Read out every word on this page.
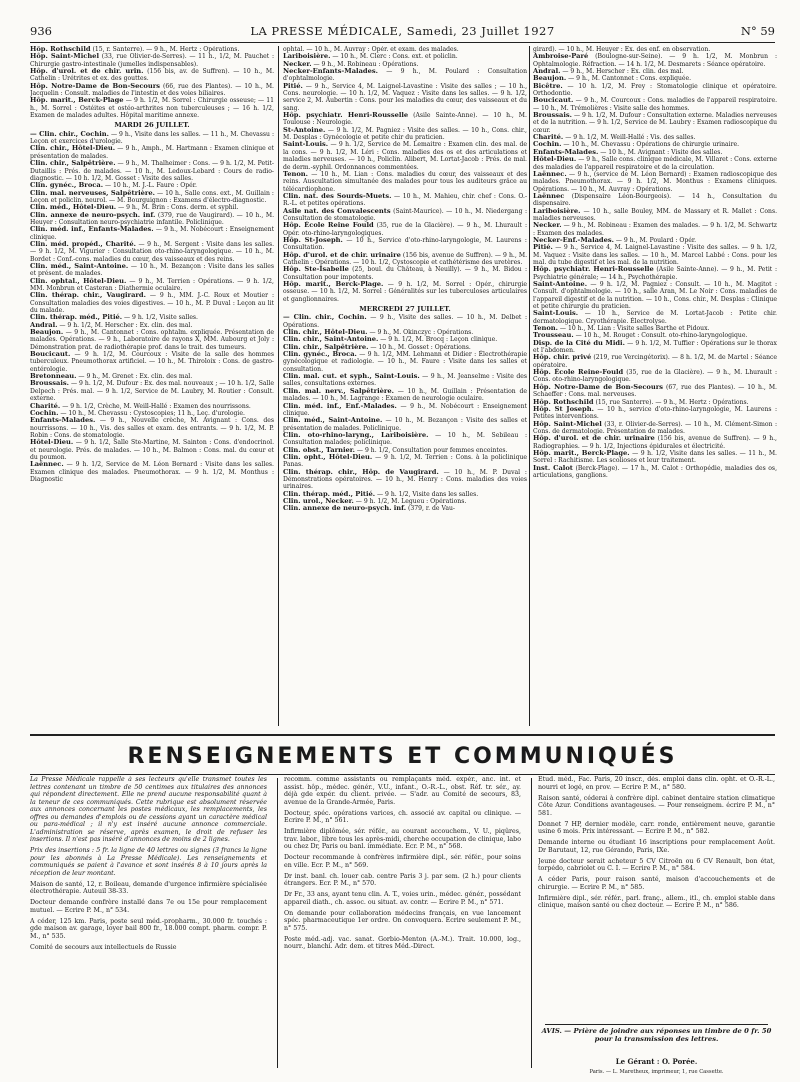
936	LA PRESSE MÉDICALE, Samedi, 23 Juillet 1927	N° 59
Hôp. Rothschild (15, r. Santerre). — 9 h., M. Hertz : Opérations.
Hôp. Saint-Michel (33, rue Olivier-de-Serres). — 11 h., 1/2, M. Pauchet : Chirurgie gastro-intestinale (jumelles indispensables).
Hôp. d'urol. et de chir. urin. (156 bis, av. de Suffren). — 10 h., M. Cathelin : Urétrites et ex. des gouttes.
Hôp. Notre-Dame de Bon-Secours (66, rue des Plantes). — 10 h., M. Jacquelin : Consult. maladies de l'intestin et des voies biliaires.
Hôp. marit., Berck-Plage — 9 h. 1/2, M. Sorrel : Chirurgie osseuse; — 11 h., M. Sorrel : Ostéites et ostéo-arthrites non tuberculeuses ; — 16 h. 1/2, Examen de malades adultes. Hôpital maritime annexe.
MARDI 26 JUILLET.
— Clin. chir., Cochin. — 9 h., Visite dans les salles. — 11 h., M. Chevassu : Leçon et exercices d'urologie.
Clin. chir., Hôtel-Dieu. — 9 h., Amph., M. Hartmann : Examen clinique et présentation de malades.
Clin. chir., Salpêtrière. — 9 h., M. Thalheimer : Cons. — 9 h. 1/2, M. Petit-Dutaillis : Prés. de malades. — 10 h., M. Ledoux-Lebard : Cours de radio-diagnostic. — 10 h. 1/2, M. Gosset : Visite des salles.
Clin. gynéc., Broca. — 10 h., M. J.-L. Faure : Opér.
Clin. mal. nerveuses, Salpêtrière. — 10 h., Salle cons. ext., M. Guillain : Leçon et policlin. neurol. — M. Bourguignon : Examens d'électro-diagnostic.
Clin. méd., Hôtel-Dieu. — 9 h., M. Brin : Cons. derm. et syphil.
Clin. annexe de neuro-psych. inf. (379, rue de Vaugirard). — 10 h., M. Heuyer : Consultation neuro-psychiatrie infantile. Policlinique.
Clin. méd. inf., Enfants-Malades. — 9 h., M. Nobécourt : Enseignement clinique.
Clin. méd. propéd., Charité. — 9 h., M. Sergent : Visite dans les salles. — 9 h. 1/2, M. Vigurier : Consultation oto-rhino-laryngologique. — 10 h., M. Bordet : Conf.-cons. maladies du cœur, des vaisseaux et des reins.
Clin. méd., Saint-Antoine. — 10 h., M. Bezançon : Visite dans les salles et présent. de malades.
Clin. ophtal., Hôtel-Dieu. — 9 h., M. Terrien : Opérations. — 9 h. 1/2, MM. Monbrun et Casteran : Diathermie oculaire.
Clin. thérap. chir., Vaugirard. — 9 h., MM. J.-C. Roux et Moutier : Consultation maladies des voies digestives. — 10 h., M. P. Duval : Leçon au lit du malade.
Clin. thérap. méd., Pitié. — 9 h. 1/2, Visite salles.
Andral. — 9 h. 1/2, M. Herscher : Ex. clin. des mal.
Beaujon. — 9 h., M. Cantonnet : Cons. ophtalm. expliquée. Présentation de malades. Opérations. — 9 h., Laboratoire de rayons X, MM. Aubourg et Joly : Démonstration prat. de radiothérapie prof. dans le trait. des tumeurs.
Boucicaut. — 9 h. 1/2, M. Courcoux : Visite de la salle des hommes tuberculeux. Pneumothorax artificiel. — 10 h., M. Thiroloix : Cons. de gastro-entérologie.
Bretonneau. — 9 h., M. Grenet : Ex. clin. des mal.
Broussais. — 9 h. 1/2, M. Dufour : Ex. des mal. nouveaux ; — 10 h. 1/2, Salle Delpech : Prés. mal. — 9 h. 1/2, Service de M. Laubry, M. Routier : Consult. externe.
Charité. — 9 h. 1/2, Crèche, M. Weill-Hallé : Examen des nourrissons.
Cochin. — 10 h., M. Chevassu : Cystoscopies; 11 h., Leç. d'urologie.
Enfants-Malades. — 9 h., Nouvelle crèche, M. Avignant : Cons. des nourrissons. — 10 h., Vis. des salles et exam. des entrants. — 9 h. 1/2, M. P. Robin : Cons. de stomatologie.
Hôtel-Dieu. — 9 h. 1/2, Salle Ste-Martine, M. Sainton : Cons. d'endocrinol. et neurologie. Prés. de malades. — 10 h., M. Balmon : Cons. mal. du cœur et du poumon.
Laënnec. — 9 h. 1/2, Service de M. Léon Bernard : Visite dans les salles. Examen clinique des malades. Pneumothorax. — 9 h. 1/2, M. Monthus : Diagnostic
ophtal. — 10 h., M. Auvray : Opér. et exam. des malades.
Lariboisière. — 10 h., M. Clerc : Cons. ext. et policlin.
Necker. — 9 h., M. Robineau : Opérations.
Necker-Enfants-Malades. — 9 h., M. Poulard : Consultation d'ophtalmologie.
Pitié. — 9 h., Service 4, M. Laignel-Lavastine : Visite des salles ; — 10 h., Cons. neurologie. — 10 h. 1/2, M. Vaquez : Visite dans les salles. — 9 h. 1/2, service 2, M. Aubertin : Cons. pour les maladies du cœur, des vaisseaux et du sang.
Hôp. psychiatr. Henri-Rousselle (Asile Sainte-Anne). — 10 h., M. Toulouse : Neurologie.
St-Antoine. — 9 h. 1/2, M. Pagniez : Visite des salles. — 10 h., Cons. chir., M. Desplas : Gynécologie et petite chir du praticien.
Saint-Louis. — 9 h. 1/2, Service de M. Lemaitre : Examen clin. des mal. de la cons. — 9 h. 1/2, M. Léri : Cons. maladies des os et des articulations et maladies nerveuses. — 10 h., Policlin. Alibert, M. Lortat-Jacob : Prés. de mal. de derm.-syphil. Ordonnances commentées.
Tenon. — 10 h., M. Lian : Cons. maladies du cœur, des vaisseaux et des reins. Auscultation simultanée des malades pour tous les auditeurs grâce au télécardiophone.
Clin. nat. des Sourds-Muets. — 10 h., M. Mahieu, chir. chef : Cons. O.-R.-L. et petites opérations.
Asile nat. des Convalescents (Saint-Maurice). — 10 h., M. Niedergang : Consultation de stomatologie.
Hôp. École Reine Fould (35, rue de la Glacière). — 9 h., M. Lhurault : Opér. oto-rhino-laryngologiques.
Hôp. St-Joseph. — 10 h., Service d'oto-rhino-laryngologie, M. Laurens : Consultation.
Hôp. d'urol. et de chir. urinaire (156 bis, avenue de Suffren). — 9 h., M. Cathelin : Opérations. — 10 h. 1/2, Cystoscopie et cathétérisme des uretères.
Hôp. Ste-Isabelle (25, boul. du Château, à Neuilly). — 9 h., M. Bidou : Consultation pour impotents.
Hôp. marit., Berck-Plage. — 9 h. 1/2, M. Sorrel : Opér., chirurgie osseuse. — 10 h. 1/2, M. Sorrel : Généralités sur les tuberculoses articulaires et ganglionnaires.
MERCREDI 27 JUILLET.
— Clin. chir., Cochin. — 9 h., Visite des salles. — 10 h., M. Delbet : Opérations.
Clin. chir., Hôtel-Dieu. — 9 h., M. Okinczyc : Opérations.
Clin. chir., Saint-Antoine. — 9 h. 1/2, M. Brocq : Leçon clinique.
Clin. chir., Salpêtrière. — 10 h., M. Gosset : Opérations.
Clin. gynéc., Broca. — 9 h. 1/2, MM. Lehmann et Didier : Électrothérapie gynécologique et radiologie. — 10 h., M. Faure : Visite dans les salles et consultation.
Clin. mal. cut. et syph., Saint-Louis. — 9 h., M. Jeanselme : Visite des salles, consultations externes.
Clin. mal. nerv., Salpêtrière. — 10 h., M. Guillain : Présentation de malades. — 10 h., M. Lagrange : Examen de neurologie oculaire.
Clin. méd. inf., Enf.-Malades. — 9 h., M. Nobécourt : Enseignement clinique.
Clin. méd., Saint-Antoine. — 10 h., M. Bezançon : Visite des salles et présentation de malades. Policlinique.
Clin. oto-rhino-laryng., Lariboisière. — 10 h., M. Sebileau : Consultation malades; policlinique.
Clin. obst., Tarnier. — 9 h. 1/2, Consultation pour femmes enceintes.
Clin. opht., Hôtel-Dieu. — 9 h. 1/2, M. Terrien : Cons. à la policlinique Panas.
Clin. thérap. chir., Hôp. de Vaugirard. — 10 h., M. P. Duval : Démonstrations opératoires. — 10 h., M. Henry : Cons. maladies des voies urinaires.
Clin. thérap. méd., Pitié. — 9 h. 1/2, Visite dans les salles.
Clin. urol., Necker. — 9 h. 1/2, M. Legueu : Opérations.
Clin. annexe de neuro-psych. inf. (379, r. de Vau-
girard). — 10 h., M. Heuyer : Ex. des enf. en observation.
Ambroise-Paré (Boulogne-sur-Seine). — 9 h. 1/2, M. Monbrun : Ophtalmologie. Réfraction. — 14 h. 1/2, M. Desmarets : Séance opératoire.
Andral. — 9 h., M. Herscher : Ex. clin. des mal.
Beaujon. — 9 h., M. Cantonnet : Cons. expliquée.
Bicêtre. — 10 h. 1/2, M. Frey : Stomatologie clinique et opératoire. Orthodontie.
Boucicaut. — 9 h., M. Courcoux : Cons. maladies de l'appareil respiratoire. — 10 h., M. Trémolières : Visite salle des hommes.
Broussais. — 9 h. 1/2, M. Dufour : Consultation externe. Maladies nerveuses et de la nutrition. — 9 h. 1/2, Service de M. Laubry : Examen radioscopique du cœur.
Charité. — 9 h. 1/2, M. Weill-Hallé : Vis. des salles.
Cochin. — 10 h., M. Chevassu : Opérations de chirurgie urinaire.
Enfants-Malades. — 10 h., M. Avignant : Visite des salles.
Hôtel-Dieu. — 9 h., Salle cons. clinique médicale, M. Villaret : Cons. externe des maladies de l'appareil respiratoire et de la circulation.
Laënnec. — 9 h., (service de M. Léon Bernard) : Examen radioscopique des malades. Pneumothorax. — 9 h. 1/2, M. Monthus : Examens cliniques. Opérations. — 10 h., M. Auvray : Opérations.
Laënnec (Dispensaire Léon-Bourgeois). — 14 h., Consultation du dispensaire.
Lariboisière. — 10 h., salle Bouley, MM. de Massary et R. Mallet : Cons. maladies nerveuses.
Necker. — 9 h., M. Robineau : Examen des malades. — 9 h. 1/2, M. Schwartz : Examen des malades.
Necker-Enf.-Malades. — 9 h., M. Poulard : Opér.
Pitié. — 9 h., Service 4, M. Laignel-Lavastine : Visite des salles. — 9 h. 1/2, M. Vaquez : Visite dans les salles. — 10 h., M. Marcel Labbé : Cons. pour les mal. du tube digestif et les mal. de la nutrition.
Hôp. psychiatr. Henri-Rousselle (Asile Sainte-Anne). — 9 h., M. Petit : Psychiatrie générale; — 14 h., Psychothérapie.
Saint-Antoine. — 9 h. 1/2, M. Pagniez : Consult. — 10 h., M. Magitot : Consult. d'ophtalmologie. — 10 h., salle Aran, M. Le Noir : Cons. maladies de l'appareil digestif et de la nutrition. — 10 h., Cons. chir., M. Desplas : Clinique et petite chirurgie du praticien.
Saint-Louis. — 10 h., Service de M. Lortat-Jacob : Petite chir. dermatologique. Cryothérapie. Électrolyse.
Tenon. — 10 h., M. Lian : Visite salles Barthe et Pidoux.
Trousseau. — 10 h., M. Rouget : Consult. oto-rhino-laryngologique.
Disp. de la Cité du Midi. — 9 h. 1/2, M. Tuffier : Opérations sur le thorax et l'abdomen.
Hôp. chir. privé (219, rue Vercingétorix). — 8 h. 1/2, M. de Martel : Séance opératoire.
Hôp. École Reine-Fould (35, rue de la Glacière). — 9 h., M. Lhurault : Cons. oto-rhino-laryngologique.
Hôp. Notre-Dame de Bon-Secours (67, rue des Plantes). — 10 h., M. Schaeffer : Cons. mal. nerveuses.
Hôp. Rothschild (15, rue Santerre). — 9 h., M. Hertz : Opérations.
Hôp. St Joseph. — 10 h., service d'oto-rhino-laryngologie, M. Laurens : Petites interventions.
Hôp. Saint-Michel (33, r. Olivier-de-Serres). — 10 h., M. Clément-Simon : Cons. de dermatologie. Présentation de malades.
Hôp. d'urol. et de chir. urinaire (156 bis, avenue de Suffren). — 9 h., Radiographies. — 9 h. 1/2, Injections épidurales et électricité.
Hôp. marit., Berck-Plage. — 9 h. 1/2, Visite dans les salles. — 11 h., M. Sorrel : Rachitisme. Les scolioses et leur traitement.
Inst. Calot (Berck-Plage). — 17 h., M. Calot : Orthopédie, maladies des os, articulations, ganglions.
RENSEIGNEMENTS ET COMMUNIQUÉS

La Presse Médicale rappelle à ses lecteurs qu'elle transmet toutes les lettres contenant un timbre de 50 centimes aux titulaires des annonces qui répondent directement. Elle ne prend aucune responsabilité quant à la teneur de ces communiqués. Cette rubrique est absolument réservée aux annonces concernant les postes médicaux, les remplacements, les offres ou demandes d'emplois ou de cessions ayant un caractère médical ou para-médical ; il n'y est inséré aucune annonce commerciale. L'administration se réserve, après examen, le droit de refuser les insertions. Il n'est pas inséré d'annonces de moins de 2 lignes.

Prix des insertions : 5 fr. la ligne de 40 lettres ou signes (3 francs la ligne pour les abonnés à La Presse Médicale). Les renseignements et communiqués se paient à l'avance et sont insérés 8 à 10 jours après la réception de leur montant.

Maison de santé, 12, r. Boileau, demande d'urgence infirmière spécialisée électrothérapie. Auteuil 38-33.

Docteur demande confrère installé dans 7e ou 15e pour remplacement mutuel. — Ecrire P. M., n° 534.

A céder, 125 km. Paris, poste seul méd.-propharm., 30.000 fr. touchés : gde maison av. garage, loyer bail 800 fr., 18.000 compt. pharm. compr. P. M., n° 535.

Comité de secours aux intellectuels de Russie

recomm. comme assistants ou remplaçants méd. expér., anc. int. et assist. hôp., médec. génér., V.U., infant., O.-R.-L., obst. Réf. tr. sér., ay. déjà gde expér. du client. privée. — S'adr. au Comité de secours, 83, avenue de la Grande-Armée, Paris.

Docteur, spéc. opérations varices, ch. associé av. capital ou clinique. — Ecrire P. M., n° 561.

Infirmière diplômée, sér. référ., au courant accouchem., V. U., piqûres, trav. labor., libre tous les après-midi, cherche occupation de clinique, labo ou chez Dr, Paris ou banl. immédiate. Ecr. P. M., n° 568.

Docteur recommande à confrères infirmière dipl., sér. référ., pour soins en ville. Ecr. P. M., n° 569.

Dr inst. banl. ch. louer cab. centre Paris 3 j. par sem. (2 h.) pour clients étrangers. Ecr. P. M., n° 570.

Dr Fr., 33 ans, ayant tenu clin. A. T., voies urin., médec. génér., possédant appareil diath., ch. assoc. ou situat. av. contr. — Ecrire P. M., n° 571.

On demande pour collaboration médecins français, en vue lancement spéc. pharmaceutique 1er ordre. On convoquera. Ecrire seulement P. M., n° 575.

Poste méd.-adj. vac. sanat. Gorbio-Menton (A.-M.). Trait. 10.000, log., nourr., blanchi. Adr. dem. et titres Méd.-Direct.

Étud. méd., Fac. Paris, 20 inscr., dés. emploi dans clin. opht. et O.-R.-L., nourri et logé, en prov. — Ecrire P. M., n° 580.

Raison santé, céderai à confrère dipl. cabinet dentaire station climatique Côte Azur. Conditions avantageuses. — Pour renseignem. écrire P. M., n° 581.

Donnet 7 HP, dernier modèle, carr. ronde, entièrement neuve, garantie usine 6 mois. Prix intéressant. — Ecrire P. M., n° 582.

Demande interne ou étudiant 16 inscriptions pour remplacement Août. Dr Barutaut, 12, rue Gérando, Paris, IXe.

Jeune docteur serait acheteur 5 CV Citroën ou 6 CV Renault, bon état, torpédo, cabriolet ou C. I. — Ecrire P. M., n° 584.

A céder Paris, pour raison santé, maison d'accouchements et de chirurgie. — Ecrire P. M., n° 585.

Infirmière dipl., sér. référ., parl. franç., allem., itl., ch. emploi stable dans clinique, maison santé ou chez docteur. — Ecrire P. M., n° 586.

AVIS. — Prière de joindre aux réponses un timbre de 0 fr. 50 pour la transmission des lettres.
Le Gérant : O. Porée.
Paris. — L. Maretheux, imprimeur, 1, rue Cassette.
